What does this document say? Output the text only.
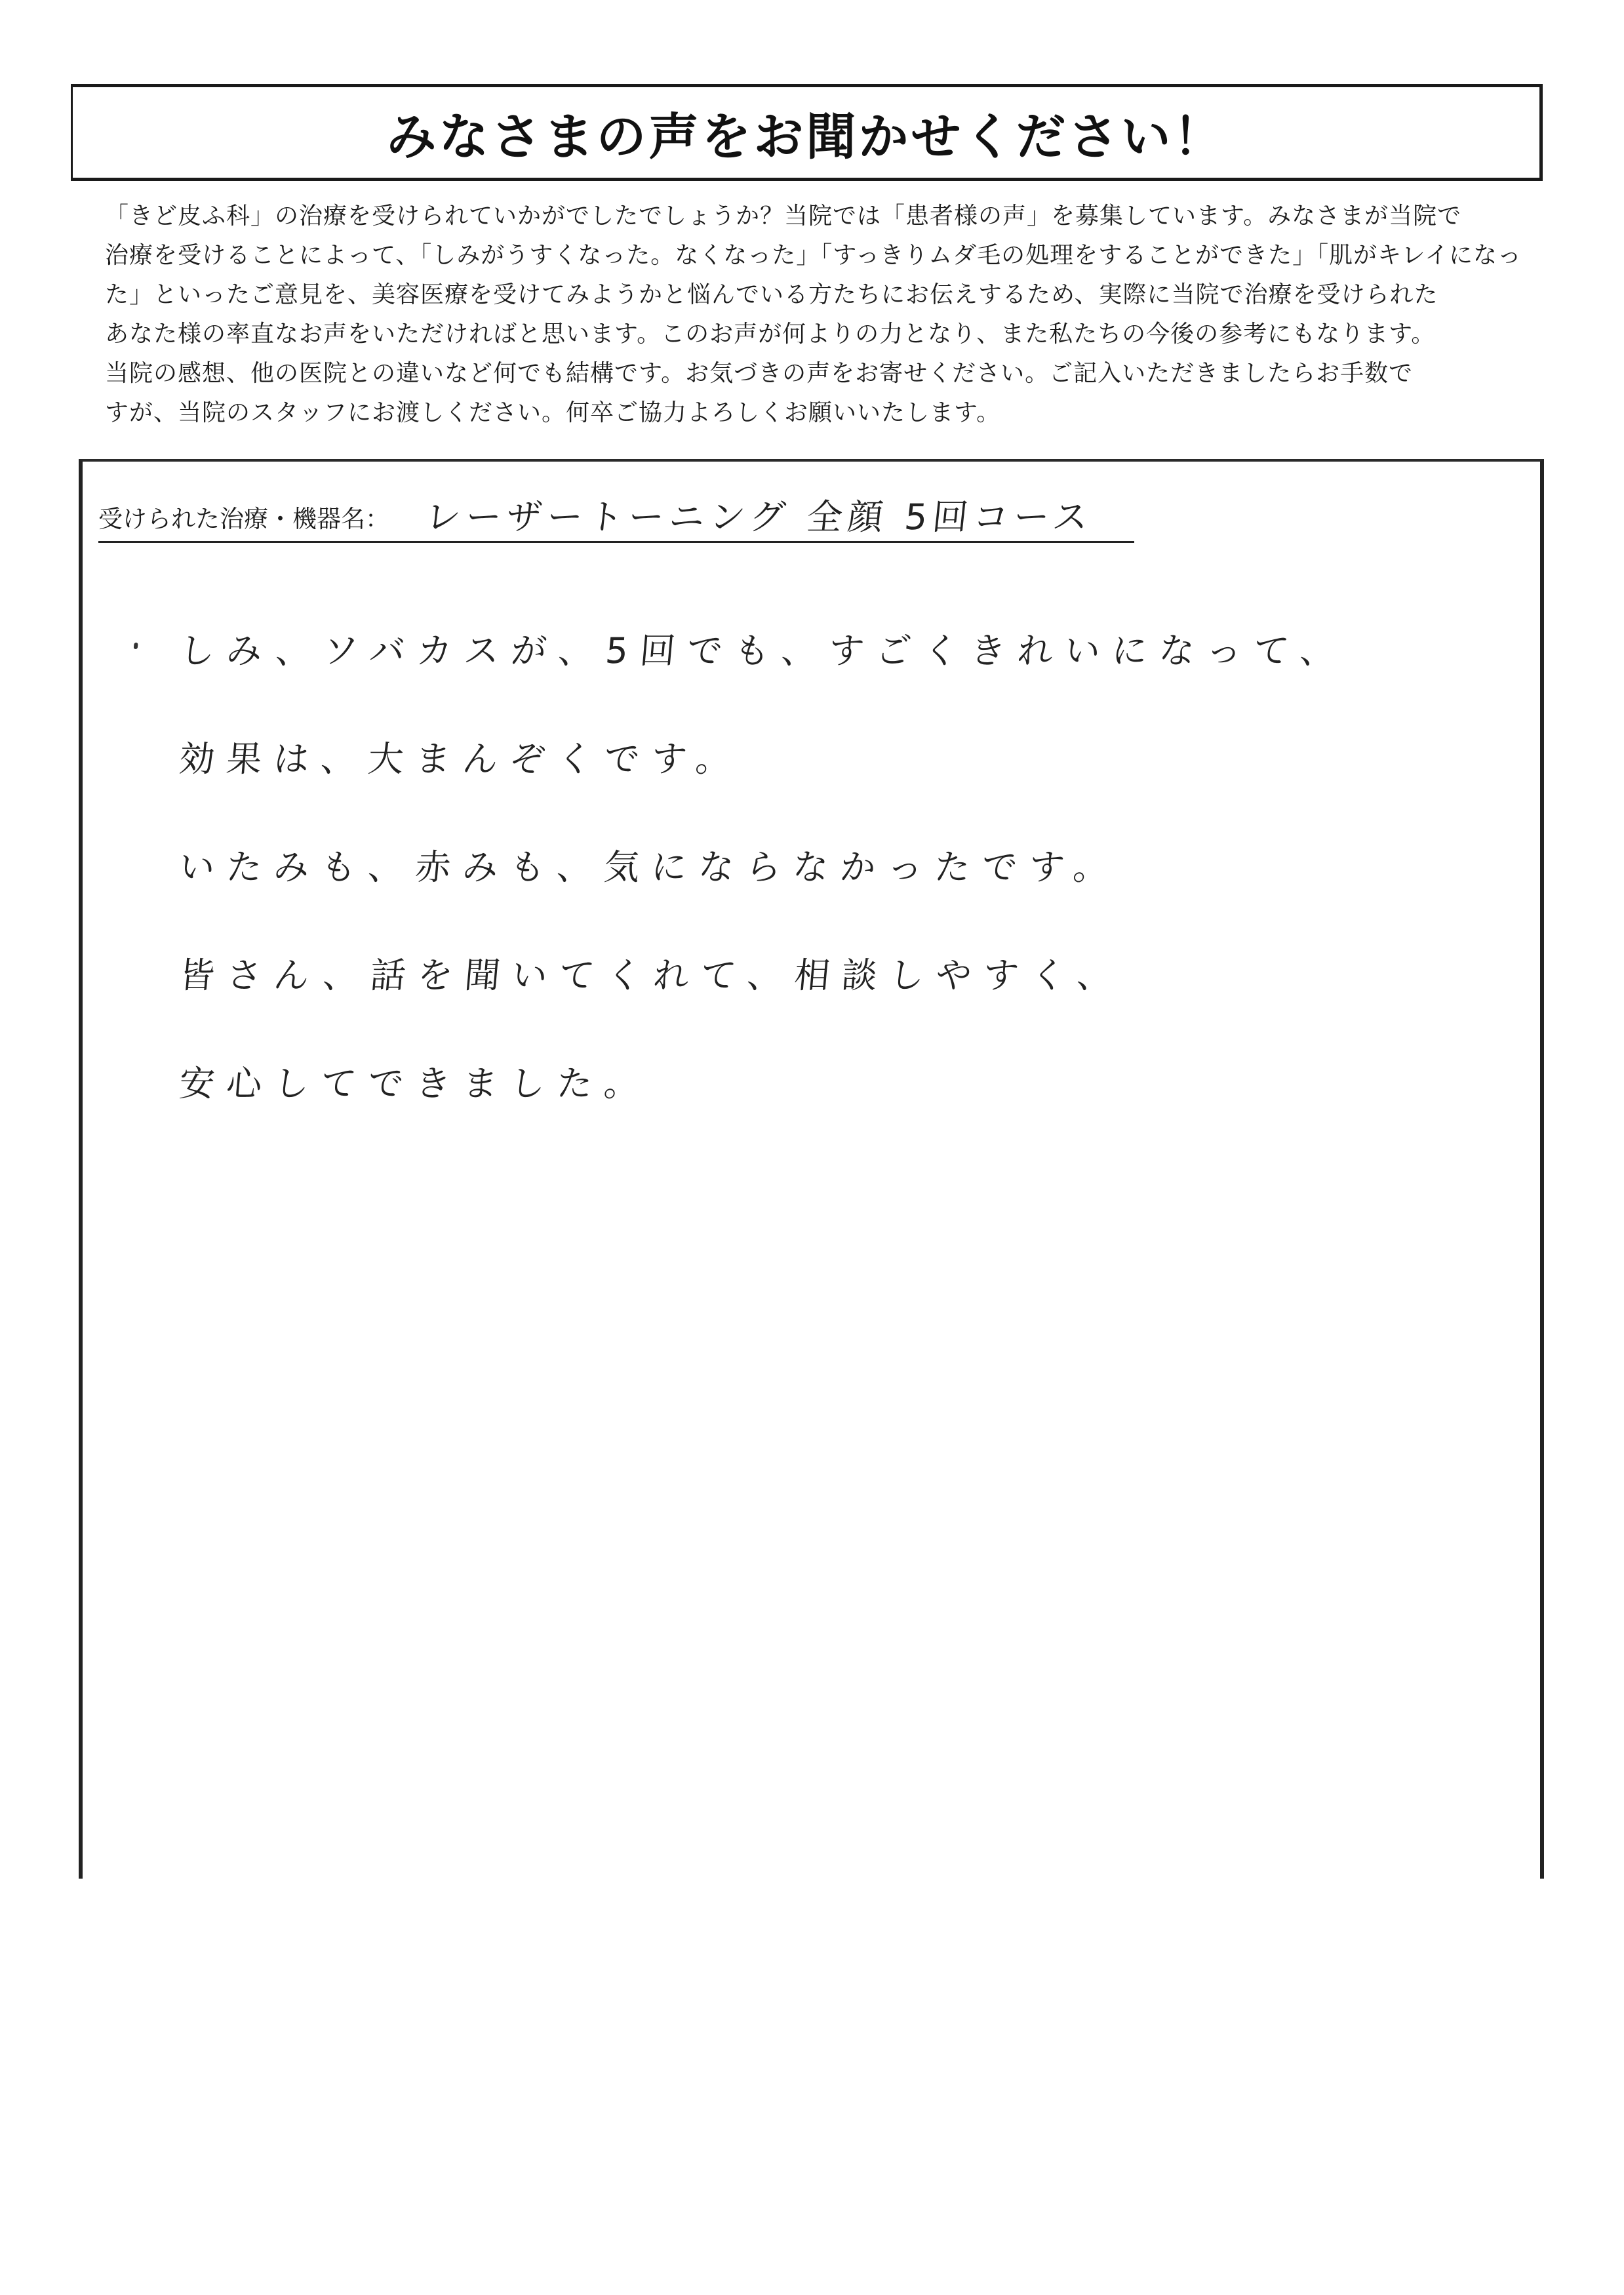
みなさまの声をお聞かせください！
「きど皮ふ科」の治療を受けられていかがでしたでしょうか？当院では「患者様の声」を募集しています。みなさまが当院で
治療を受けることによって、「しみがうすくなった。なくなった」「すっきりムダ毛の処理をすることができた」「肌がキレイになっ
た」といったご意見を、美容医療を受けてみようかと悩んでいる方たちにお伝えするため、実際に当院で治療を受けられた
あなた様の率直なお声をいただければと思います。このお声が何よりの力となり、また私たちの今後の参考にもなります。
当院の感想、他の医院との違いなど何でも結構です。お気づきの声をお寄せください。ご記入いただきましたらお手数で
すが、当院のスタッフにお渡しください。何卒ご協力よろしくお願いいたします。
受けられた治療・機器名： レーザートーニング 全顔 5回コース
しみ、ソバカスが、5回でも、すごくきれいになって、
効果は、大まんぞくです。
いたみも、赤みも、気にならなかったです。
皆さん、話を聞いてくれて、相談しやすく、
安心してできました。
